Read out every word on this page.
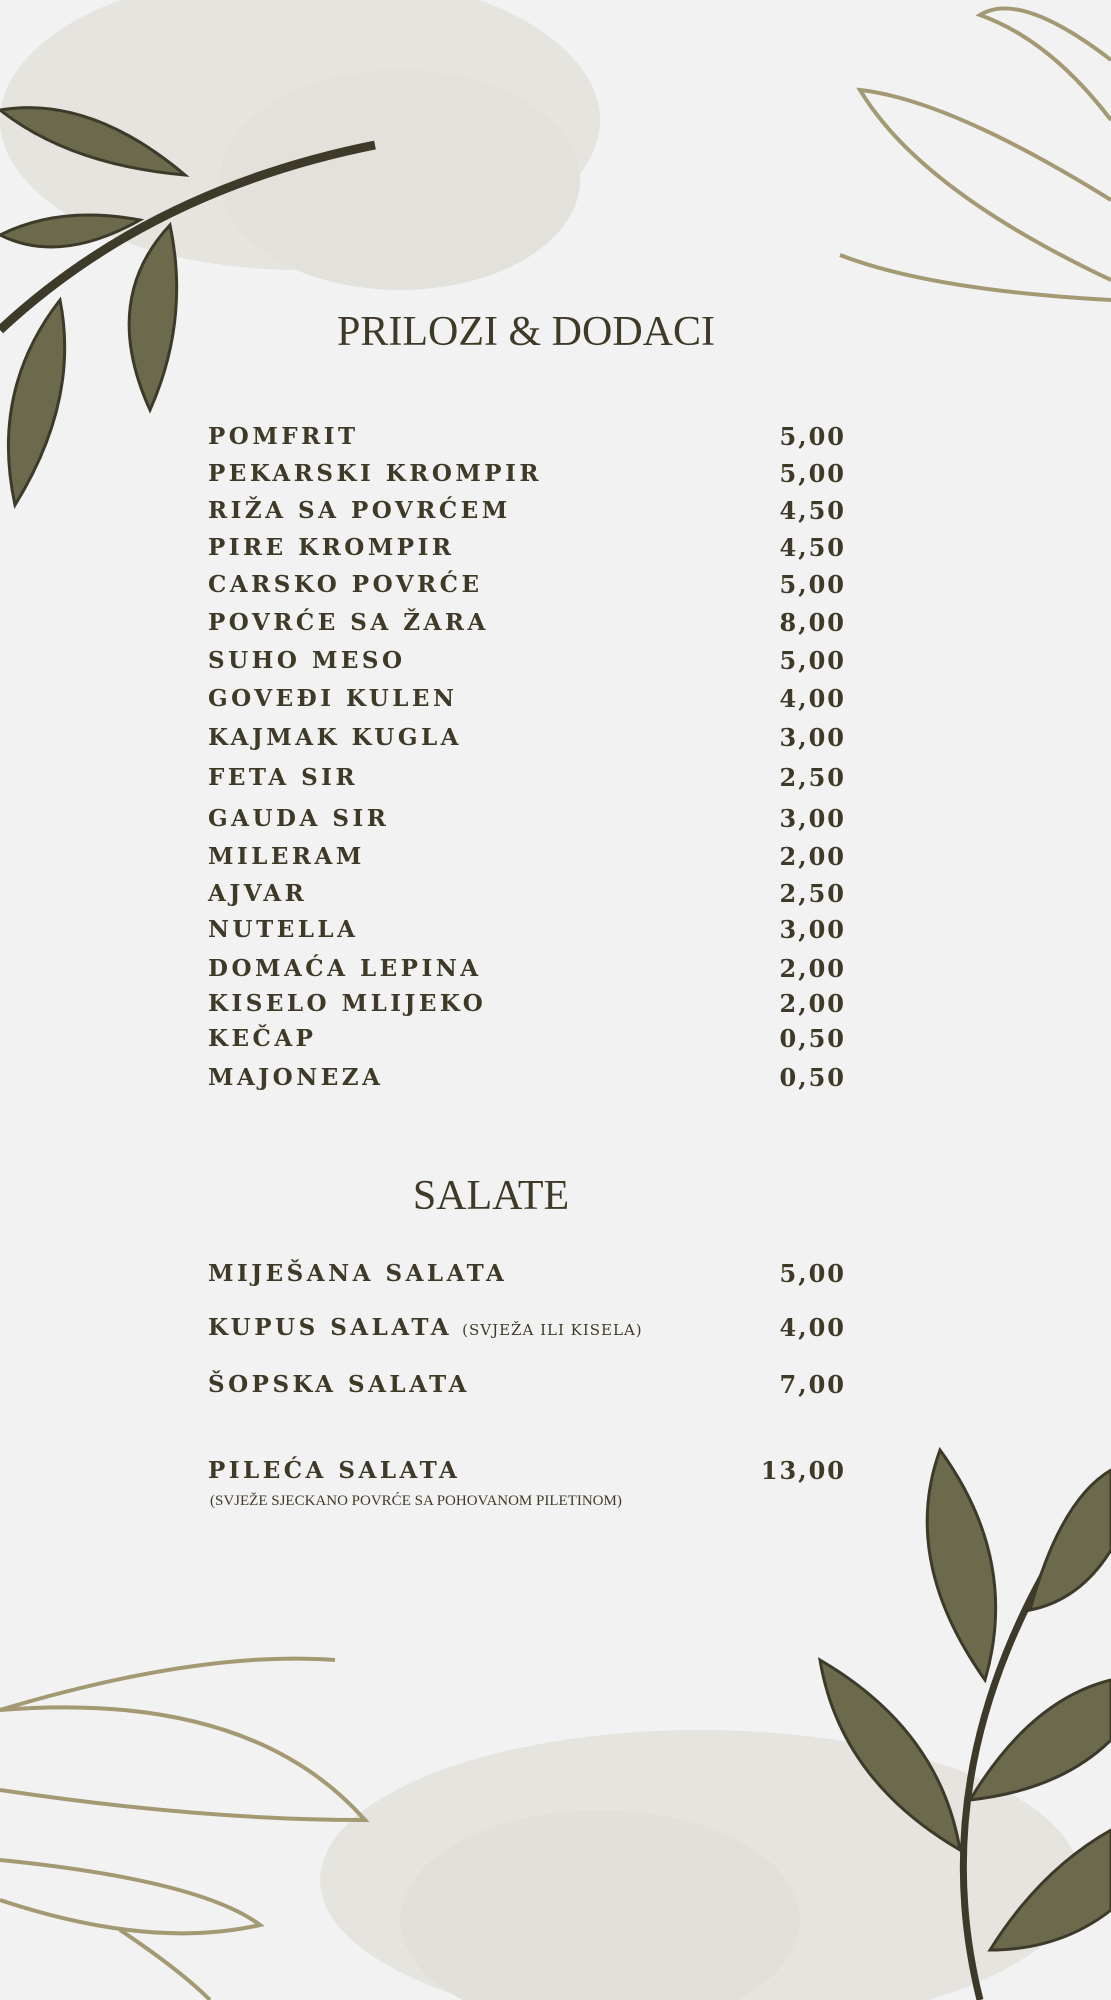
PRILOZI & DODACI
POMFRIT	5,00
PEKARSKI KROMPIR	5,00
RIŽA SA POVRĆEM	4,50
PIRE KROMPIR	4,50
CARSKO POVRĆE	5,00
POVRĆE SA ŽARA	8,00
SUHO MESO	5,00
GOVEĐI KULEN	4,00
KAJMAK KUGLA	3,00
FETA SIR	2,50
GAUDA SIR	3,00
MILERAM	2,00
AJVAR	2,50
NUTELLA	3,00
DOMAĆA LEPINA	2,00
KISELO MLIJEKO	2,00
KEČAP	0,50
MAJONEZA	0,50
SALATE
MIJEŠANA SALATA	5,00
KUPUS SALATA (SVJEŽA ILI KISELA)	4,00
ŠOPSKA SALATA	7,00
PILEĆA SALATA	13,00
(SVJEŽE SJECKANO POVRĆE SA POHOVANOM PILETINOM)
